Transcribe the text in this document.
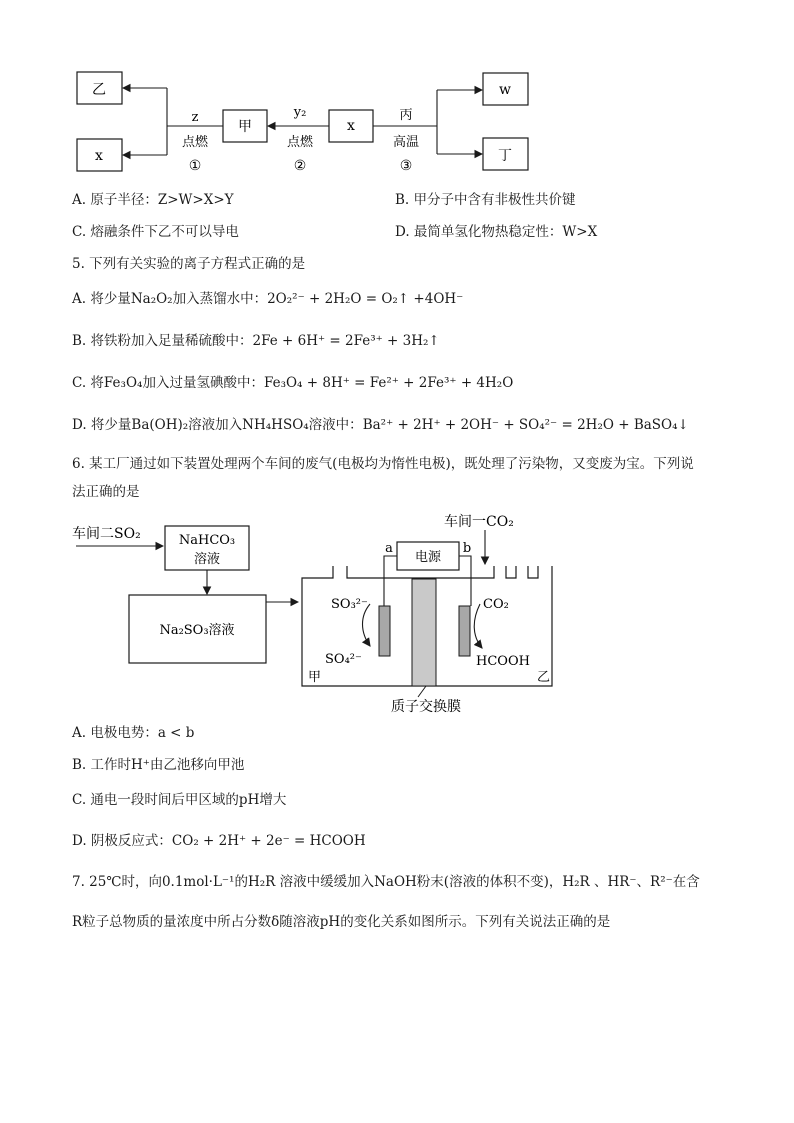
乙
x
甲	x
w
丁
z
点燃
①
y₂
点燃
②
丙
高温
③
A. 原子半径：Z>W>X>Y	B. 甲分子中含有非极性共价键
C. 熔融条件下乙不可以导电	D. 最简单氢化物热稳定性：W>X
5. 下列有关实验的离子方程式正确的是
A. 将少量Na₂O₂加入蒸馏水中：2O₂²⁻ + 2H₂O = O₂↑ +4OH⁻
B. 将铁粉加入足量稀硫酸中：2Fe + 6H⁺ = 2Fe³⁺ + 3H₂↑
C. 将Fe₃O₄加入过量氢碘酸中：Fe₃O₄ + 8H⁺ = Fe²⁺ + 2Fe³⁺ + 4H₂O
D. 将少量Ba(OH)₂溶液加入NH₄HSO₄溶液中：Ba²⁺ + 2H⁺ + 2OH⁻ + SO₄²⁻ = 2H₂O + BaSO₄↓
6. 某工厂通过如下装置处理两个车间的废气(电极均为惰性电极)，既处理了污染物，又变废为宝。下列说
法正确的是
车间二SO₂	NaHCO₃
溶液
Na₂SO₃溶液
电源
a	b
SO₃²⁻
SO₄²⁻
CO₂
HCOOH
车间一CO₂
甲	乙
质子交换膜
A. 电极电势：a < b
B. 工作时H⁺由乙池移向甲池
C. 通电一段时间后甲区域的pH增大
D. 阴极反应式：CO₂ + 2H⁺ + 2e⁻ = HCOOH
7. 25℃时，向0.1mol·L⁻¹的H₂R 溶液中缓缓加入NaOH粉末(溶液的体积不变)，H₂R 、HR⁻、R²⁻在含
R粒子总物质的量浓度中所占分数δ随溶液pH的变化关系如图所示。下列有关说法正确的是
